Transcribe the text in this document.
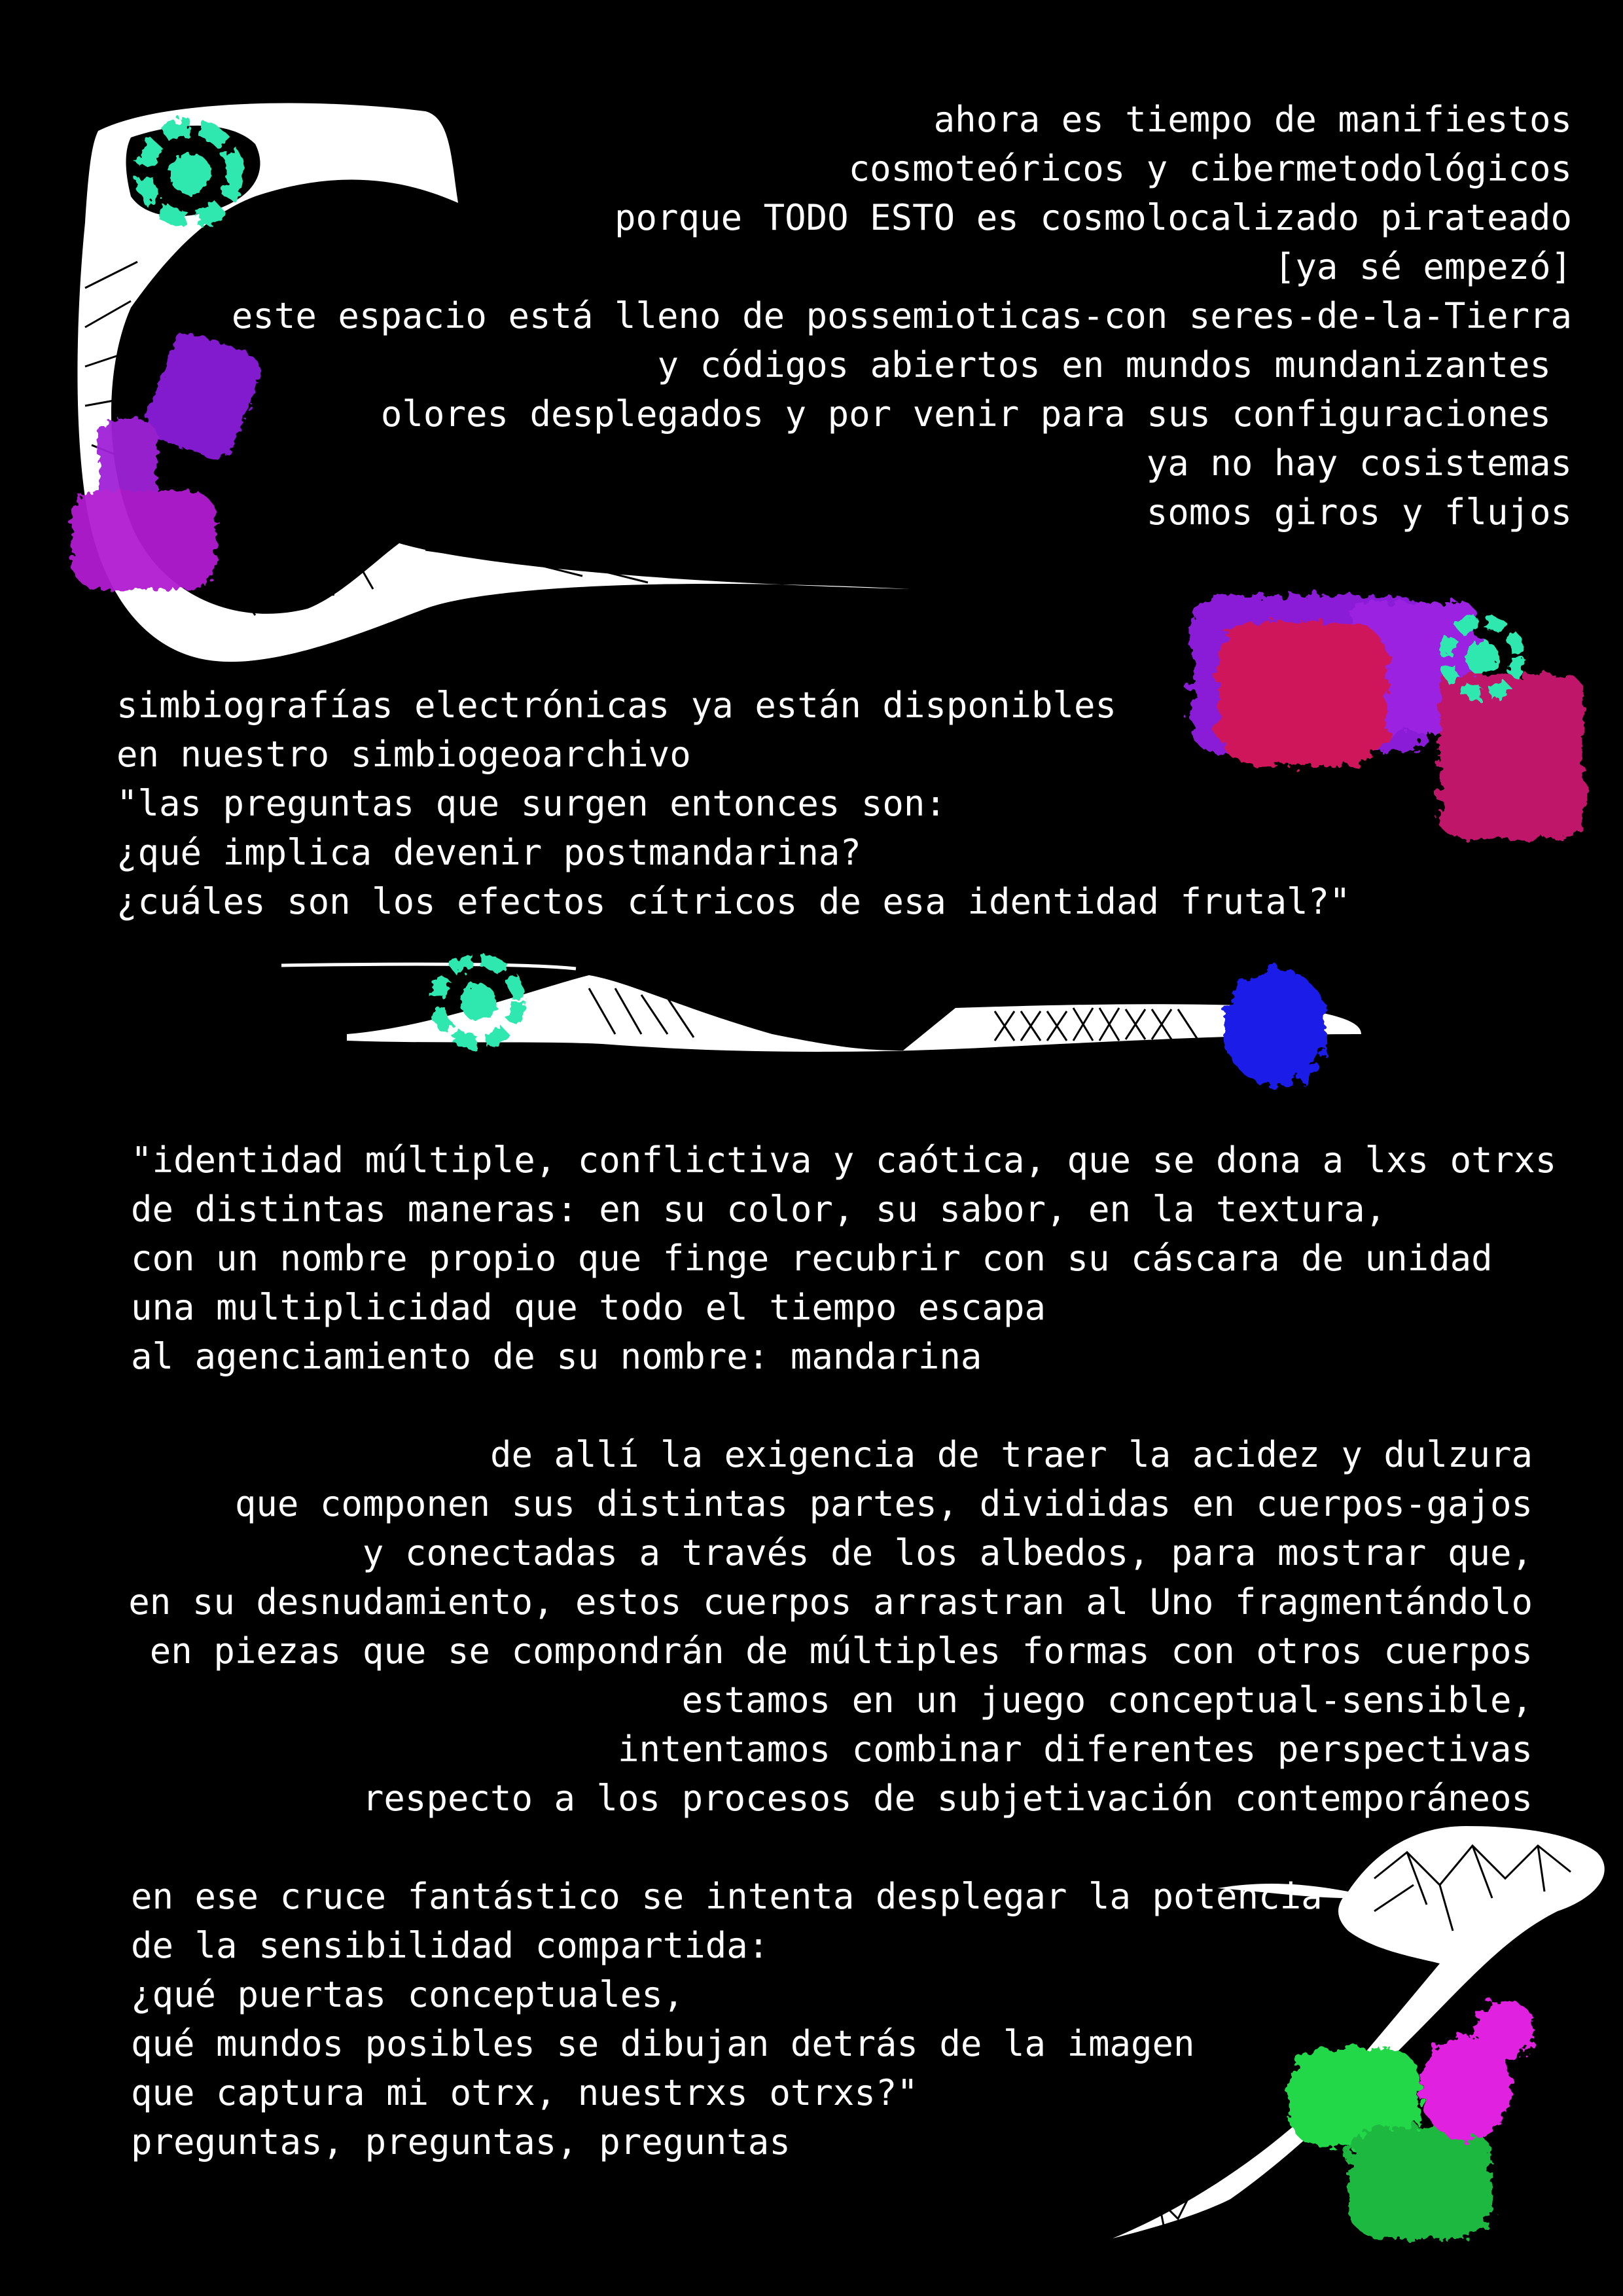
ahora es tiempo de manifiestos
cosmoteóricos y cibermetodológicos
porque TODO ESTO es cosmolocalizado pirateado
[ya sé empezó]
este espacio está lleno de possemioticas-con seres-de-la-Tierra
y códigos abiertos en mundos mundanizantes
olores desplegados y por venir para sus configuraciones
ya no hay cosistemas
somos giros y flujos
simbiografías electrónicas ya están disponibles
en nuestro simbiogeoarchivo
"las preguntas que surgen entonces son:
¿qué implica devenir postmandarina?
¿cuáles son los efectos cítricos de esa identidad frutal?"
"identidad múltiple, conflictiva y caótica, que se dona a lxs otrxs
de distintas maneras: en su color, su sabor, en la textura,
con un nombre propio que finge recubrir con su cáscara de unidad
una multiplicidad que todo el tiempo escapa
al agenciamiento de su nombre: mandarina
de allí la exigencia de traer la acidez y dulzura
que componen sus distintas partes, divididas en cuerpos-gajos
y conectadas a través de los albedos, para mostrar que,
en su desnudamiento, estos cuerpos arrastran al Uno fragmentándolo
en piezas que se compondrán de múltiples formas con otros cuerpos
estamos en un juego conceptual-sensible,
intentamos combinar diferentes perspectivas
respecto a los procesos de subjetivación contemporáneos
en ese cruce fantástico se intenta desplegar la potencia
de la sensibilidad compartida:
¿qué puertas conceptuales,
qué mundos posibles se dibujan detrás de la imagen
que captura mi otrx, nuestrxs otrxs?"
preguntas, preguntas, preguntas
